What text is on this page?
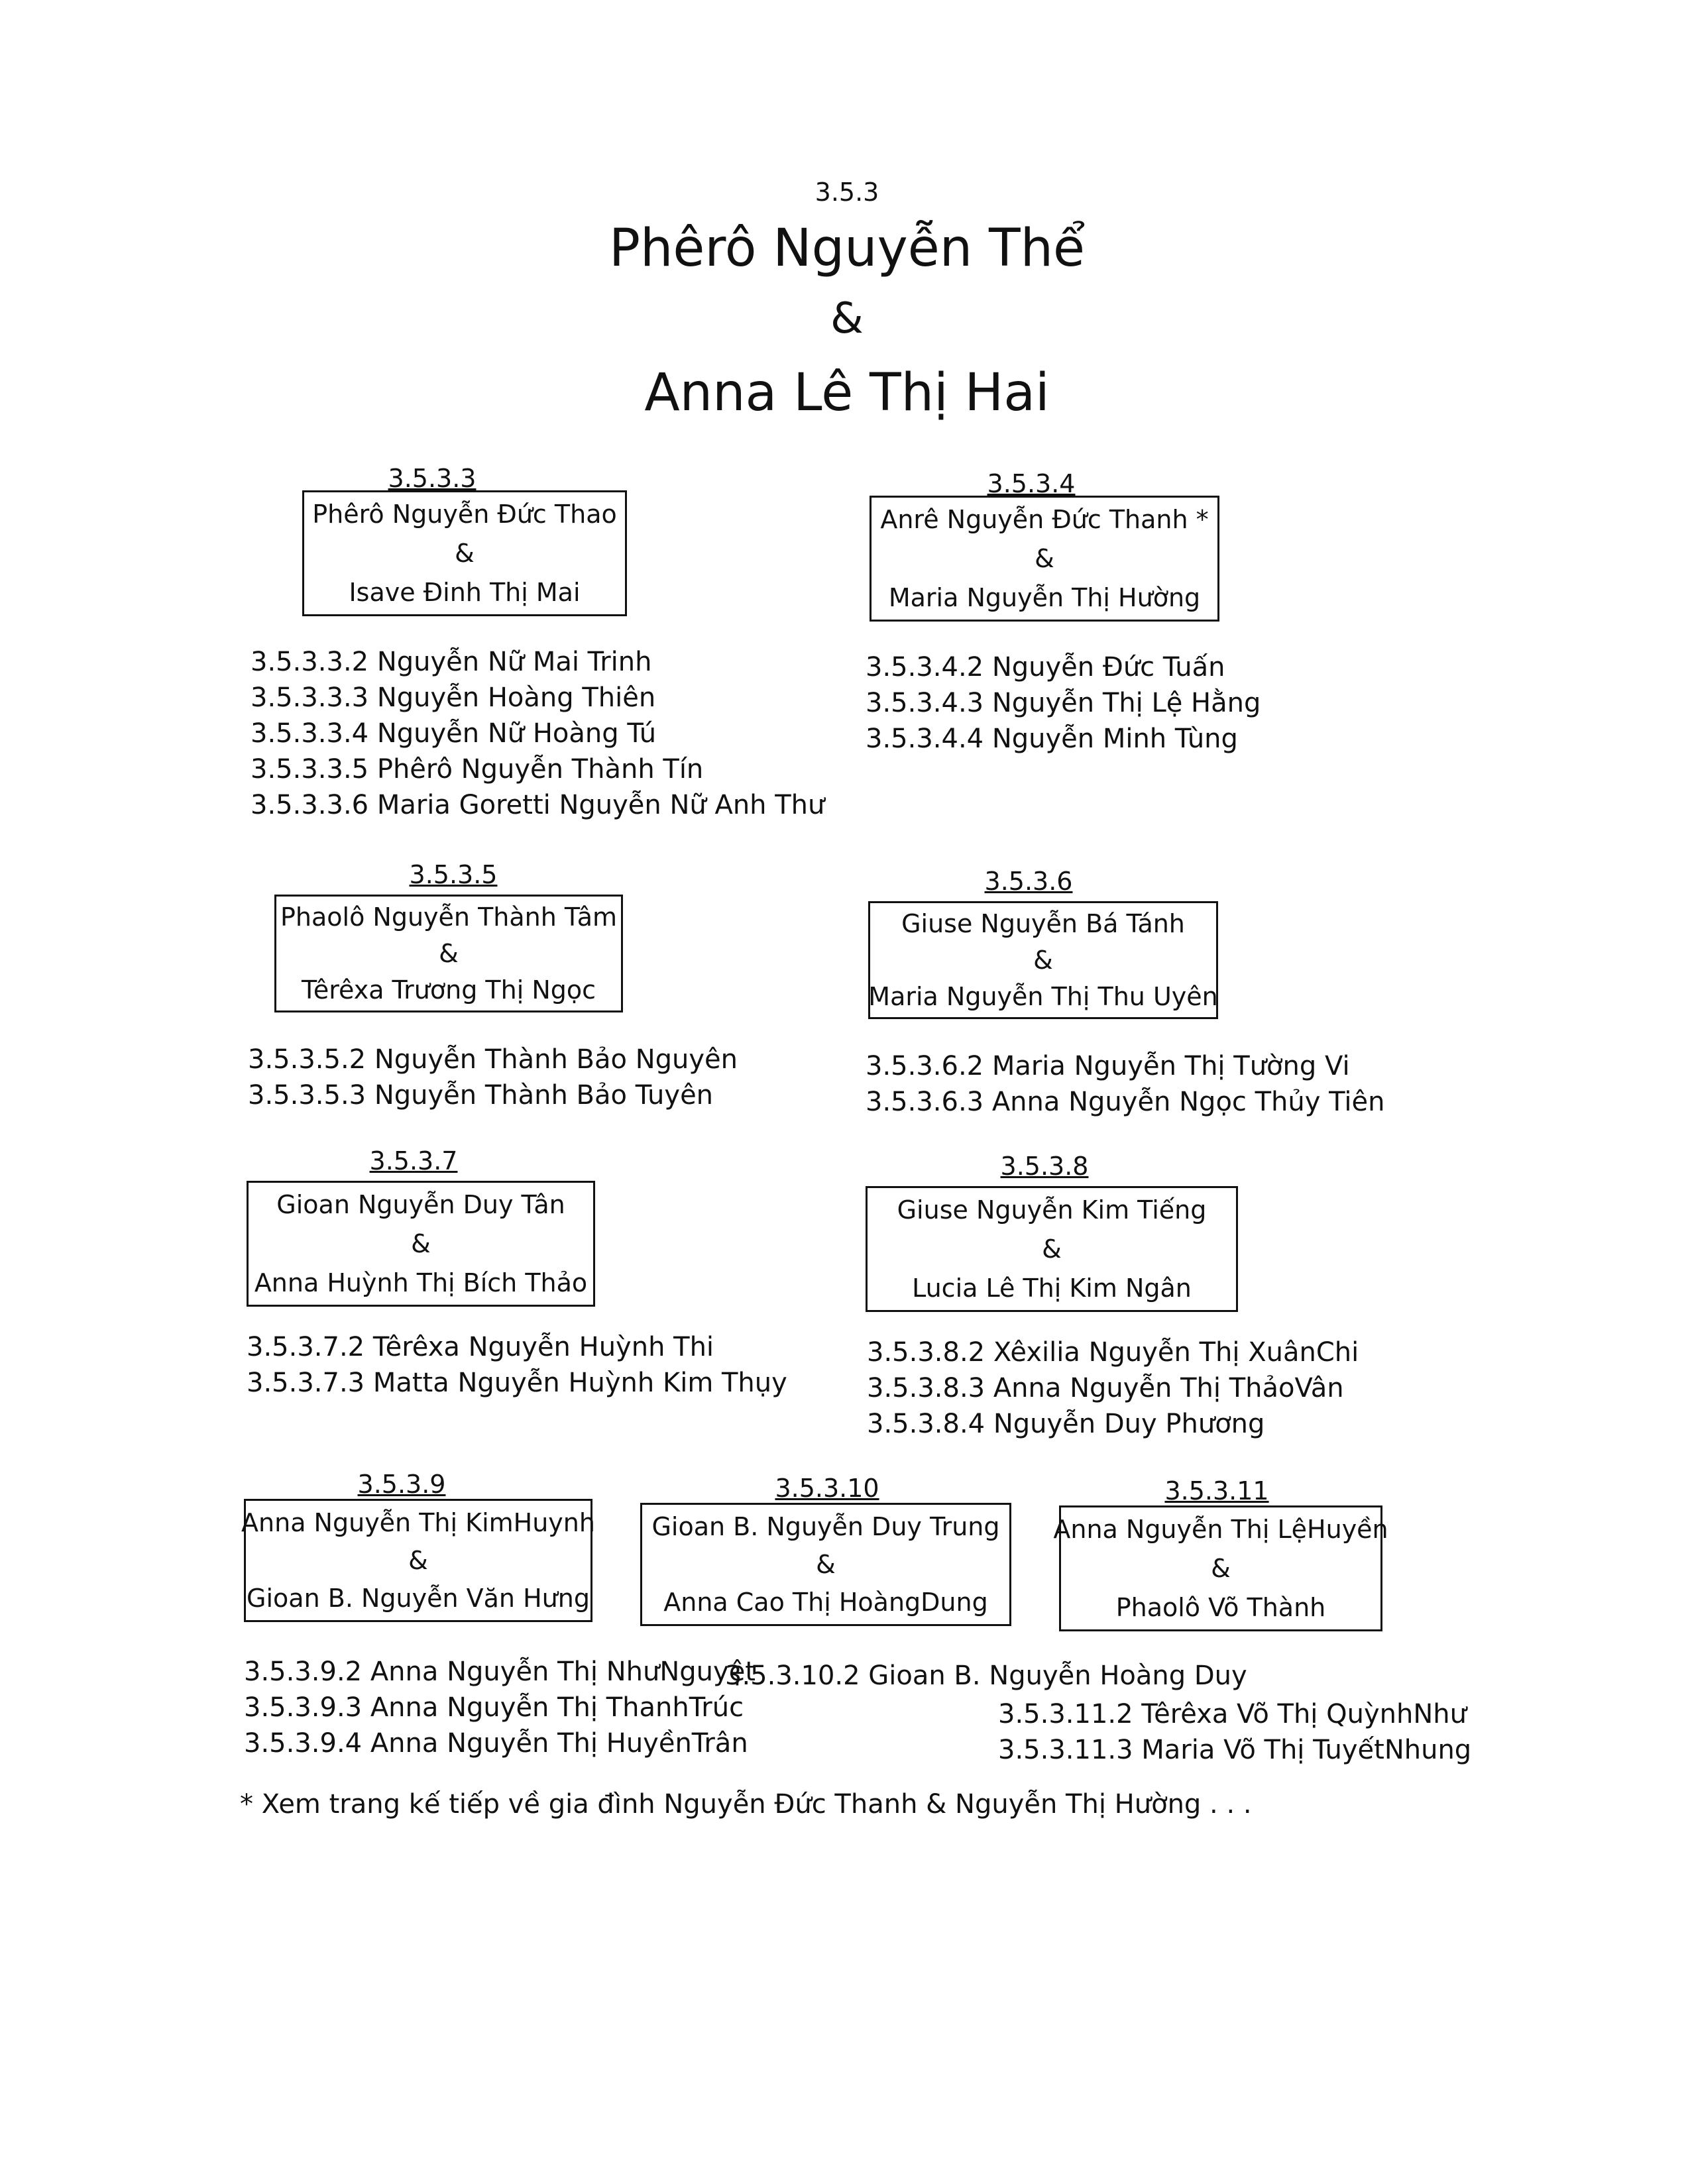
3.5.3
Phêrô Nguyễn Thể
&
Anna Lê Thị Hai
3.5.3.3
Phêrô Nguyễn Đức Thao
&
Isave Đinh Thị Mai
3.5.3.3.2 Nguyễn Nữ Mai Trinh
3.5.3.3.3 Nguyễn Hoàng Thiên
3.5.3.3.4 Nguyễn Nữ Hoàng Tú
3.5.3.3.5 Phêrô Nguyễn Thành Tín
3.5.3.3.6 Maria Goretti Nguyễn Nữ Anh Thư
3.5.3.4
Anrê Nguyễn Đức Thanh *
&
Maria Nguyễn Thị Hường
3.5.3.4.2 Nguyễn Đức Tuấn
3.5.3.4.3 Nguyễn Thị Lệ Hằng
3.5.3.4.4 Nguyễn Minh Tùng
3.5.3.5
Phaolô Nguyễn Thành Tâm
&
Têrêxa Trương Thị Ngọc
3.5.3.5.2 Nguyễn Thành Bảo Nguyên
3.5.3.5.3 Nguyễn Thành Bảo Tuyên
3.5.3.6
Giuse Nguyễn Bá Tánh
&
Maria Nguyễn Thị Thu Uyên
3.5.3.6.2 Maria Nguyễn Thị Tường Vi
3.5.3.6.3 Anna Nguyễn Ngọc Thủy Tiên
3.5.3.7
Gioan Nguyễn Duy Tân
&
Anna Huỳnh Thị Bích Thảo
3.5.3.7.2 Têrêxa Nguyễn Huỳnh Thi
3.5.3.7.3 Matta Nguyễn Huỳnh Kim Thụy
3.5.3.8
Giuse Nguyễn Kim Tiếng
&
Lucia Lê Thị Kim Ngân
3.5.3.8.2 Xêxilia Nguyễn Thị XuânChi
3.5.3.8.3 Anna Nguyễn Thị ThảoVân
3.5.3.8.4 Nguyễn Duy Phương
3.5.3.9
Anna Nguyễn Thị KimHuynh
&
Gioan B. Nguyễn Văn Hưng
3.5.3.9.2 Anna Nguyễn Thị NhưNguyệt
3.5.3.9.3 Anna Nguyễn Thị ThanhTrúc
3.5.3.9.4 Anna Nguyễn Thị HuyềnTrân
3.5.3.10
Gioan B. Nguyễn Duy Trung
&
Anna Cao Thị HoàngDung
3.5.3.10.2 Gioan B. Nguyễn Hoàng Duy
3.5.3.11
Anna Nguyễn Thị LệHuyền
&
Phaolô Võ Thành
3.5.3.11.2 Têrêxa Võ Thị QuỳnhNhư
3.5.3.11.3 Maria Võ Thị TuyếtNhung
* Xem trang kế tiếp về gia đình Nguyễn Đức Thanh & Nguyễn Thị Hường . . .
